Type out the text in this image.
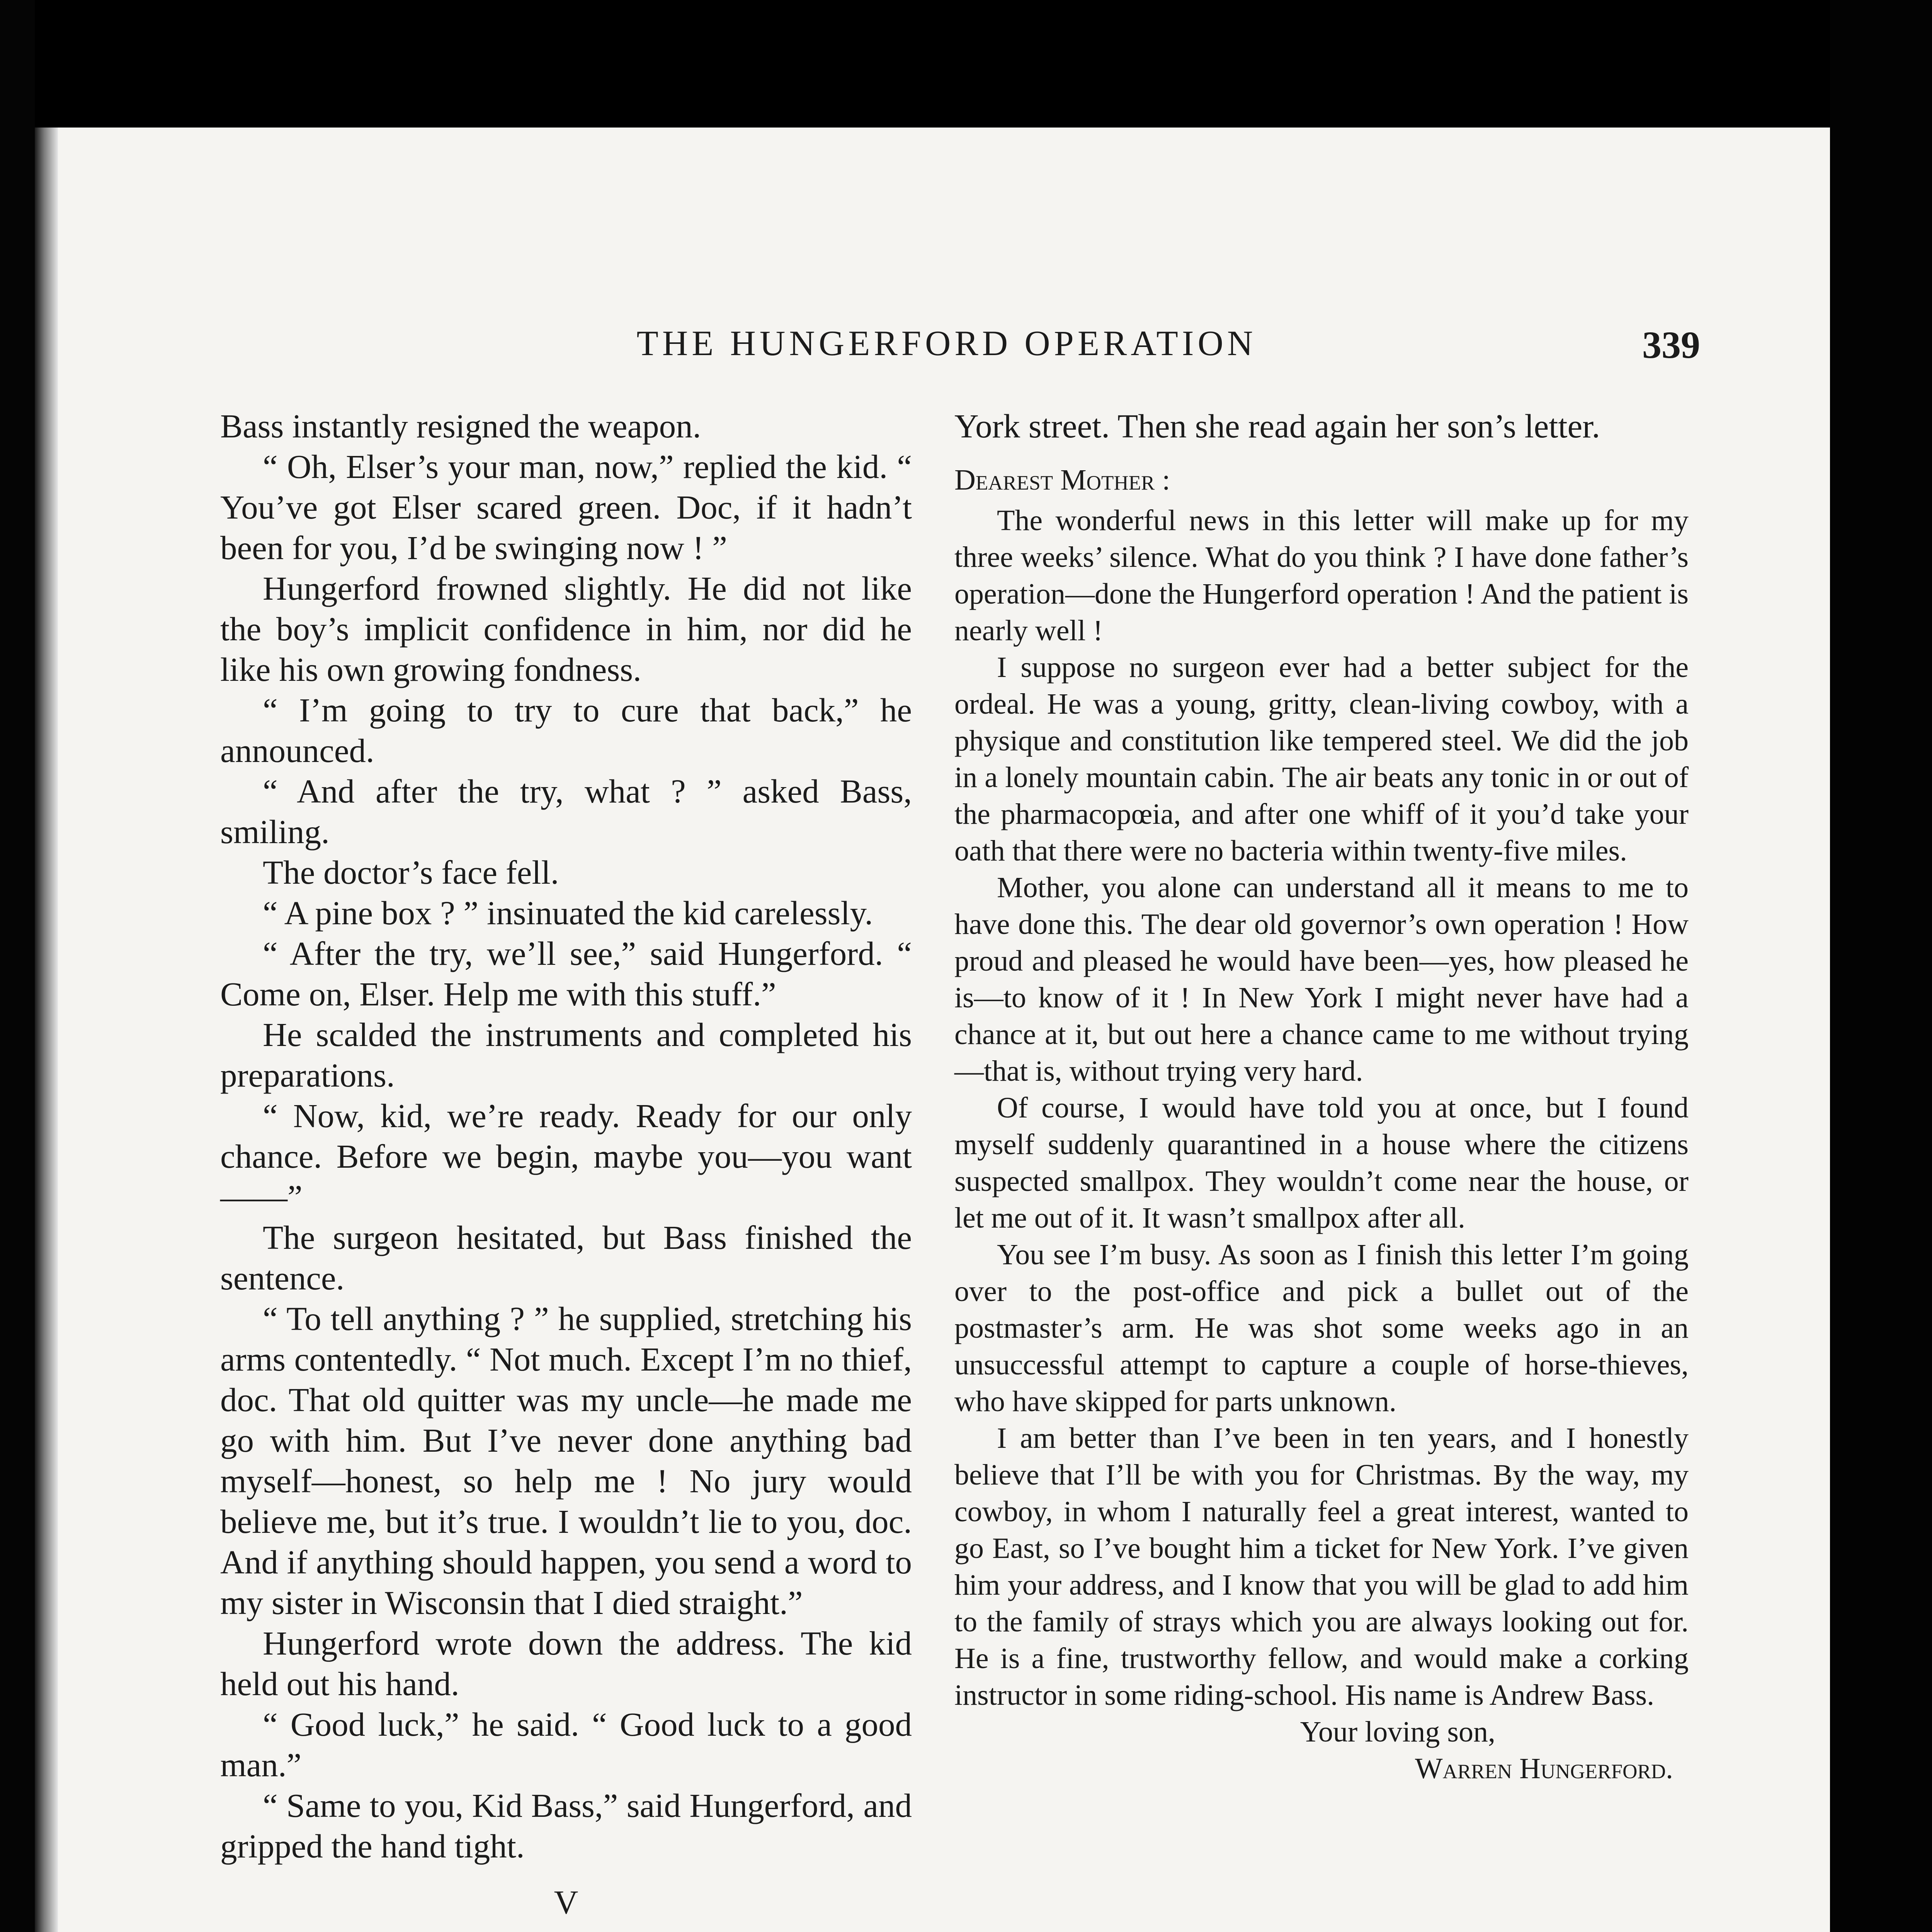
THE HUNGERFORD OPERATION	339

Bass instantly resigned the weapon.

“ Oh, Elser’s your man, now,” replied the kid. “ You’ve got Elser scared green. Doc, if it hadn’t been for you, I’d be swinging now ! ”

Hungerford frowned slightly. He did not like the boy’s implicit confidence in him, nor did he like his own growing fondness.

“ I’m going to try to cure that back,” he announced.

“ And after the try, what ? ” asked Bass, smiling.

The doctor’s face fell.

“ A pine box ? ” insinuated the kid carelessly.

“ After the try, we’ll see,” said Hungerford. “ Come on, Elser. Help me with this stuff.”

He scalded the instruments and completed his preparations.

“ Now, kid, we’re ready. Ready for our only chance. Before we begin, maybe you—you want——”

The surgeon hesitated, but Bass finished the sentence.

“ To tell anything ? ” he supplied, stretching his arms contentedly. “ Not much. Except I’m no thief, doc. That old quitter was my uncle—he made me go with him. But I’ve never done anything bad myself—honest, so help me ! No jury would believe me, but it’s true. I wouldn’t lie to you, doc. And if anything should happen, you send a word to my sister in Wisconsin that I died straight.”

Hungerford wrote down the address. The kid held out his hand.

“ Good luck,” he said. “ Good luck to a good man.”

“ Same to you, Kid Bass,” said Hungerford, and gripped the hand tight.

V

York street. Then she read again her son’s letter.

Dearest Mother :

The wonderful news in this letter will make up for my three weeks’ silence. What do you think ? I have done father’s operation—done the Hungerford operation ! And the patient is nearly well !

I suppose no surgeon ever had a better subject for the ordeal. He was a young, gritty, clean-living cowboy, with a physique and constitution like tempered steel. We did the job in a lonely mountain cabin. The air beats any tonic in or out of the pharmacopœia, and after one whiff of it you’d take your oath that there were no bacteria within twenty-five miles.

Mother, you alone can understand all it means to me to have done this. The dear old governor’s own operation ! How proud and pleased he would have been—yes, how pleased he is—to know of it ! In New York I might never have had a chance at it, but out here a chance came to me without trying —that is, without trying very hard.

Of course, I would have told you at once, but I found myself suddenly quarantined in a house where the citizens suspected smallpox. They wouldn’t come near the house, or let me out of it. It wasn’t smallpox after all.

You see I’m busy. As soon as I finish this letter I’m going over to the post-office and pick a bullet out of the postmaster’s arm. He was shot some weeks ago in an unsuccessful attempt to capture a couple of horse-thieves, who have skipped for parts unknown.

I am better than I’ve been in ten years, and I honestly believe that I’ll be with you for Christmas. By the way, my cowboy, in whom I naturally feel a great interest, wanted to go East, so I’ve bought him a ticket for New York. I’ve given him your address, and I know that you will be glad to add him to the family of strays which you are always looking out for. He is a fine, trustworthy fellow, and would make a corking instructor in some riding-school. His name is Andrew Bass.

Your loving son,

Warren Hungerford.
